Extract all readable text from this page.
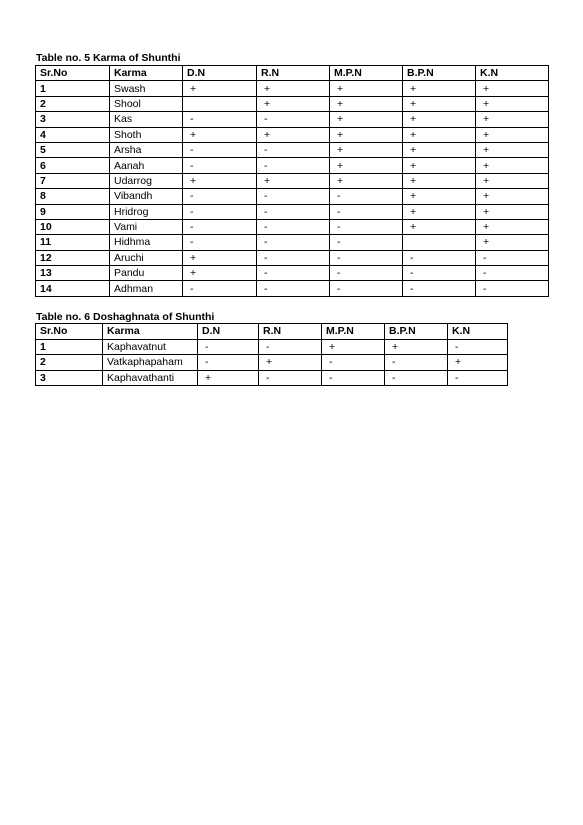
Table no. 5 Karma of Shunthi
Sr.No	Karma	D.N	R.N	M.P.N	B.P.N	K.N
1	Swash	+	+	+	+	+
2	Shool		+	+	+	+
3	Kas	-	-	+	+	+
4	Shoth	+	+	+	+	+
5	Arsha	-	-	+	+	+
6	Aanah	-	-	+	+	+
7	Udarrog	+	+	+	+	+
8	Vibandh	-	-	-	+	+
9	Hridrog	-	-	-	+	+
10	Vami	-	-	-	+	+
11	Hidhma	-	-	-		+
12	Aruchi	+	-	-	-	-
13	Pandu	+	-	-	-	-
14	Adhman	-	-	-	-	-
Table no. 6 Doshaghnata of Shunthi
Sr.No	Karma	D.N	R.N	M.P.N	B.P.N	K.N
1	Kaphavatnut	-	-	+	+	-
2	Vatkaphapaham	-	+	-	-	+
3	Kaphavathanti	+	-	-	-	-
